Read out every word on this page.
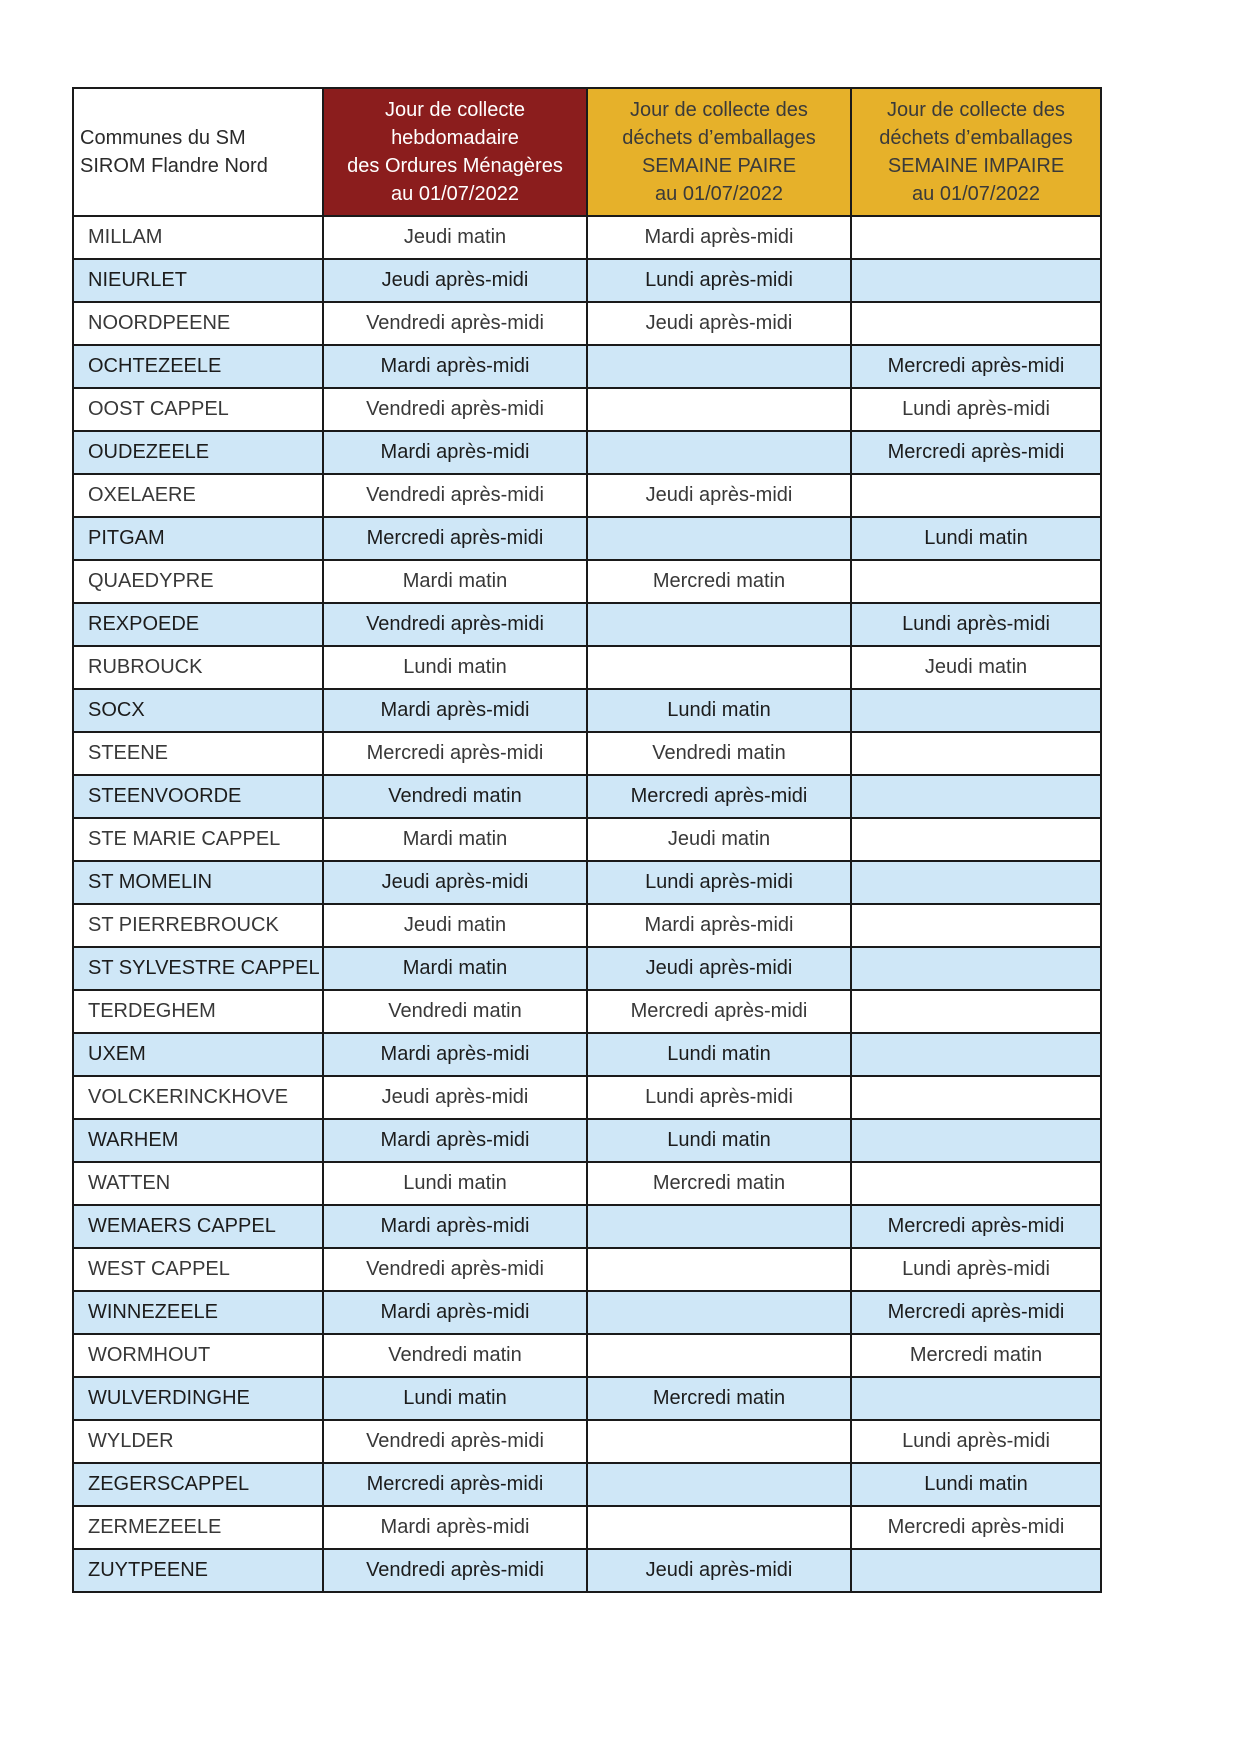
Communes du SM
SIROM Flandre Nord	Jour de collecte
hebdomadaire
des Ordures Ménagères
au 01/07/2022	Jour de collecte des
déchets d’emballages
SEMAINE PAIRE
au 01/07/2022	Jour de collecte des
déchets d’emballages
SEMAINE IMPAIRE
au 01/07/2022
MILLAM	Jeudi matin	Mardi après-midi	
NIEURLET	Jeudi après-midi	Lundi après-midi	
NOORDPEENE	Vendredi après-midi	Jeudi après-midi	
OCHTEZEELE	Mardi après-midi		Mercredi après-midi
OOST CAPPEL	Vendredi après-midi		Lundi après-midi
OUDEZEELE	Mardi après-midi		Mercredi après-midi
OXELAERE	Vendredi après-midi	Jeudi après-midi	
PITGAM	Mercredi après-midi		Lundi matin
QUAEDYPRE	Mardi matin	Mercredi matin	
REXPOEDE	Vendredi après-midi		Lundi après-midi
RUBROUCK	Lundi matin		Jeudi matin
SOCX	Mardi après-midi	Lundi matin	
STEENE	Mercredi après-midi	Vendredi matin	
STEENVOORDE	Vendredi matin	Mercredi après-midi	
STE MARIE CAPPEL	Mardi matin	Jeudi matin	
ST MOMELIN	Jeudi après-midi	Lundi après-midi	
ST PIERREBROUCK	Jeudi matin	Mardi après-midi	
ST SYLVESTRE CAPPEL	Mardi matin	Jeudi après-midi	
TERDEGHEM	Vendredi matin	Mercredi après-midi	
UXEM	Mardi après-midi	Lundi matin	
VOLCKERINCKHOVE	Jeudi après-midi	Lundi après-midi	
WARHEM	Mardi après-midi	Lundi matin	
WATTEN	Lundi matin	Mercredi matin	
WEMAERS CAPPEL	Mardi après-midi		Mercredi après-midi
WEST CAPPEL	Vendredi après-midi		Lundi après-midi
WINNEZEELE	Mardi après-midi		Mercredi après-midi
WORMHOUT	Vendredi matin		Mercredi matin
WULVERDINGHE	Lundi matin	Mercredi matin	
WYLDER	Vendredi après-midi		Lundi après-midi
ZEGERSCAPPEL	Mercredi après-midi		Lundi matin
ZERMEZEELE	Mardi après-midi		Mercredi après-midi
ZUYTPEENE	Vendredi après-midi	Jeudi après-midi	
